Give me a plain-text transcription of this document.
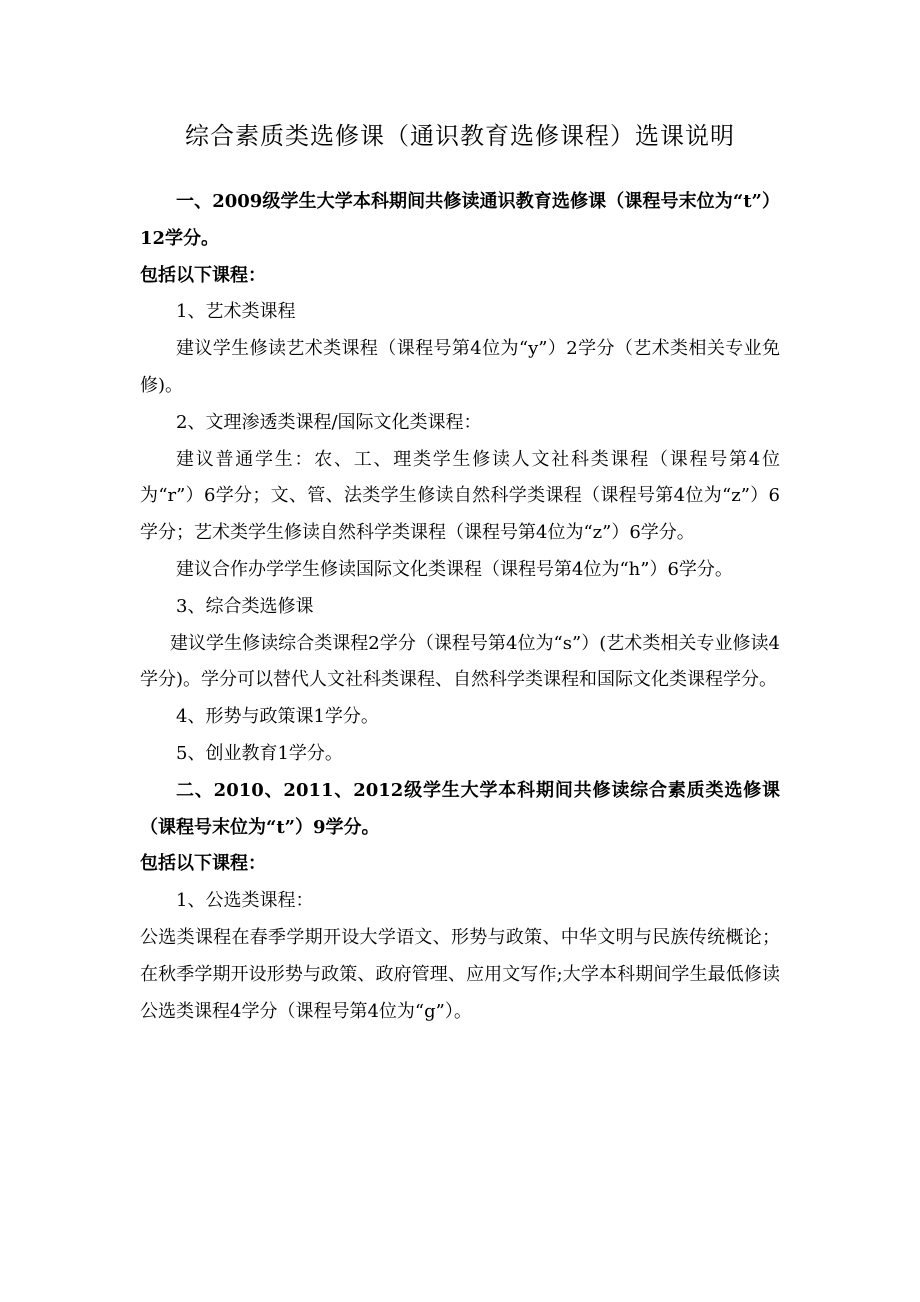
综合素质类选修课（通识教育选修课程）选课说明

一、2009级学生大学本科期间共修读通识教育选修课（课程号末位为“t”）12学分。

包括以下课程：

1、艺术类课程

建议学生修读艺术类课程（课程号第4位为“y”）2学分（艺术类相关专业免修)。

2、文理渗透类课程/国际文化类课程：

建议普通学生：农、工、理类学生修读人文社科类课程（课程号第4位为“r”）6学分；文、管、法类学生修读自然科学类课程（课程号第4位为“z”）6学分；艺术类学生修读自然科学类课程（课程号第4位为“z”）6学分。

建议合作办学学生修读国际文化类课程（课程号第4位为“h”）6学分。

3、综合类选修课

建议学生修读综合类课程2学分（课程号第4位为“s”）(艺术类相关专业修读4学分)。学分可以替代人文社科类课程、自然科学类课程和国际文化类课程学分。

4、形势与政策课1学分。

5、创业教育1学分。

二、2010、2011、2012级学生大学本科期间共修读综合素质类选修课（课程号末位为“t”）9学分。

包括以下课程：

1、公选类课程：

公选类课程在春季学期开设大学语文、形势与政策、中华文明与民族传统概论；在秋季学期开设形势与政策、政府管理、应用文写作;大学本科期间学生最低修读公选类课程4学分（课程号第4位为“g”）。
